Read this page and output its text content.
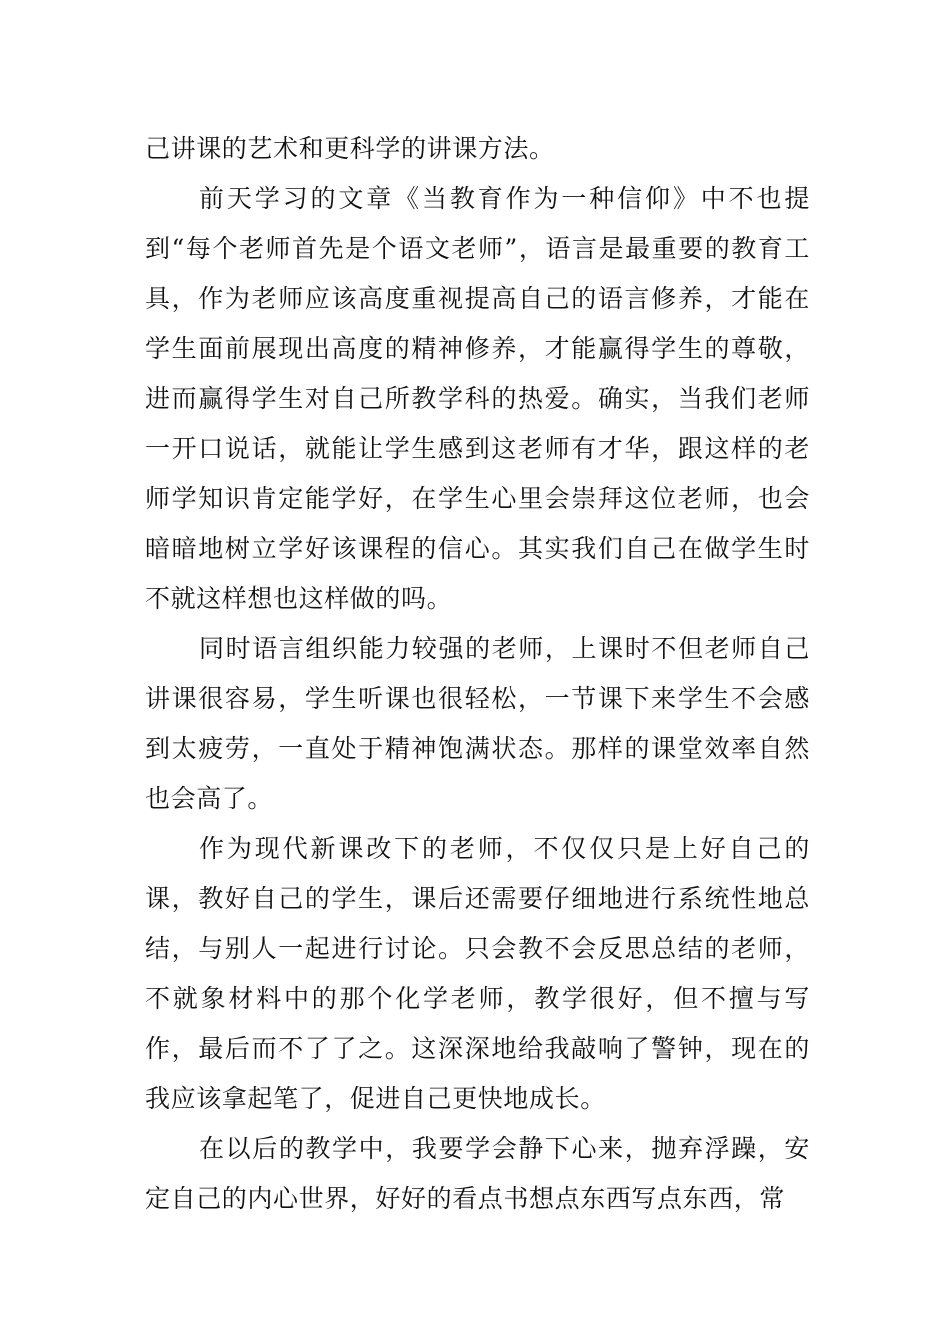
己讲课的艺术和更科学的讲课方法。

前天学习的文章《当教育作为一种信仰》中不也提到“每个老师首先是个语文老师”，语言是最重要的教育工具，作为老师应该高度重视提高自己的语言修养，才能在学生面前展现出高度的精神修养，才能赢得学生的尊敬，进而赢得学生对自己所教学科的热爱。确实，当我们老师一开口说话，就能让学生感到这老师有才华，跟这样的老师学知识肯定能学好，在学生心里会崇拜这位老师，也会暗暗地树立学好该课程的信心。其实我们自己在做学生时不就这样想也这样做的吗。

同时语言组织能力较强的老师，上课时不但老师自己讲课很容易，学生听课也很轻松，一节课下来学生不会感到太疲劳，一直处于精神饱满状态。那样的课堂效率自然也会高了。

作为现代新课改下的老师，不仅仅只是上好自己的课，教好自己的学生，课后还需要仔细地进行系统性地总结，与别人一起进行讨论。只会教不会反思总结的老师，不就象材料中的那个化学老师，教学很好，但不擅与写作，最后而不了了之。这深深地给我敲响了警钟，现在的我应该拿起笔了，促进自己更快地成长。

在以后的教学中，我要学会静下心来，抛弃浮躁，安定自己的内心世界，好好的看点书想点东西写点东西，常
